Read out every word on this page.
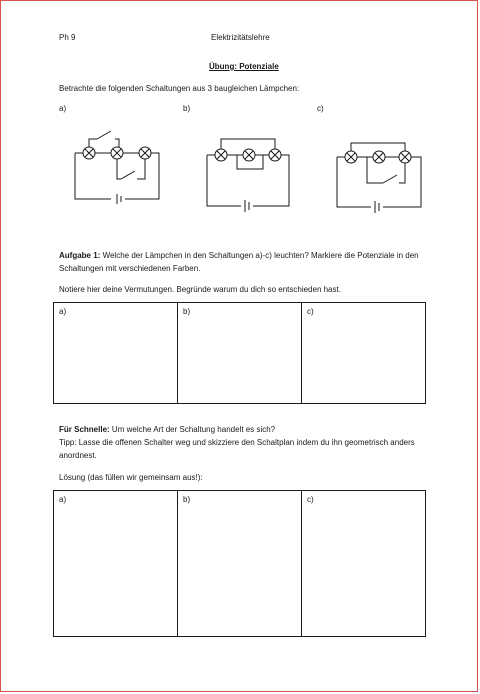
Ph 9	Elektrizitätslehre
Übung: Potenziale
Betrachte die folgenden Schaltungen aus 3 baugleichen Lämpchen:
a)	b)	c)
Aufgabe 1: Welche der Lämpchen in den Schaltungen a)-c) leuchten? Markiere die Potenziale in den
Schaltungen mit verschiedenen Farben.
Notiere hier deine Vermutungen. Begründe warum du dich so entschieden hast.
a)	b)	c)
Für Schnelle: Um welche Art der Schaltung handelt es sich?
Tipp: Lasse die offenen Schalter weg und skizziere den Schaltplan indem du ihn geometrisch anders
anordnest.
Lösung (das füllen wir gemeinsam aus!):
a)	b)	c)
